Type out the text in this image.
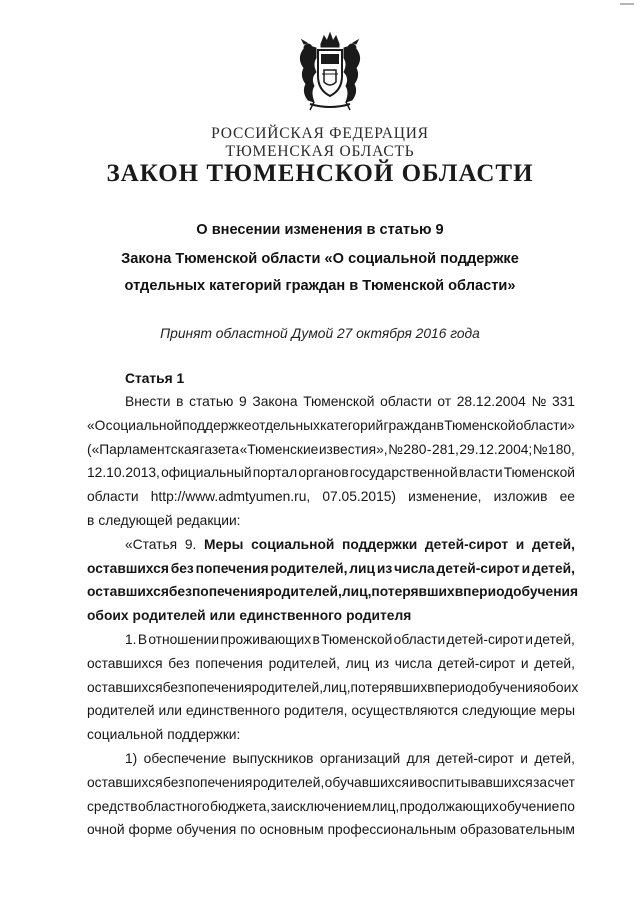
РОССИЙСКАЯ ФЕДЕРАЦИЯ
ТЮМЕНСКАЯ ОБЛАСТЬ
ЗАКОН ТЮМЕНСКОЙ ОБЛАСТИ
О внесении изменения в статью 9
Закона Тюменской области «О социальной поддержке
отдельных категорий граждан в Тюменской области»
Принят областной Думой 27 октября 2016 года
Статья 1
Внести в статью 9 Закона Тюменской области от 28.12.2004 № 331
«О социальной поддержке отдельных категорий граждан в Тюменской области»
(«Парламентская газета «Тюменские известия», № 280 - 281, 29.12.2004; № 180,
12.10.2013, официальный портал органов государственной власти Тюменской
области http://www.admtyumen.ru, 07.05.2015) изменение, изложив ее
в следующей редакции:
«Статья 9. Меры социальной поддержки детей-сирот и детей,
оставшихся без попечения родителей, лиц из числа детей-сирот и детей,
оставшихся без попечения родителей, лиц, потерявших в период обучения
обоих родителей или единственного родителя
1. В отношении проживающих в Тюменской области детей-сирот и детей,
оставшихся без попечения родителей, лиц из числа детей-сирот и детей,
оставшихся без попечения родителей, лиц, потерявших в период обучения обоих
родителей или единственного родителя, осуществляются следующие меры
социальной поддержки:
1) обеспечение выпускников организаций для детей-сирот и детей,
оставшихся без попечения родителей, обучавшихся и воспитывавшихся за счет
средств областного бюджета, за исключением лиц, продолжающих обучение по
очной форме обучения по основным профессиональным образовательным
